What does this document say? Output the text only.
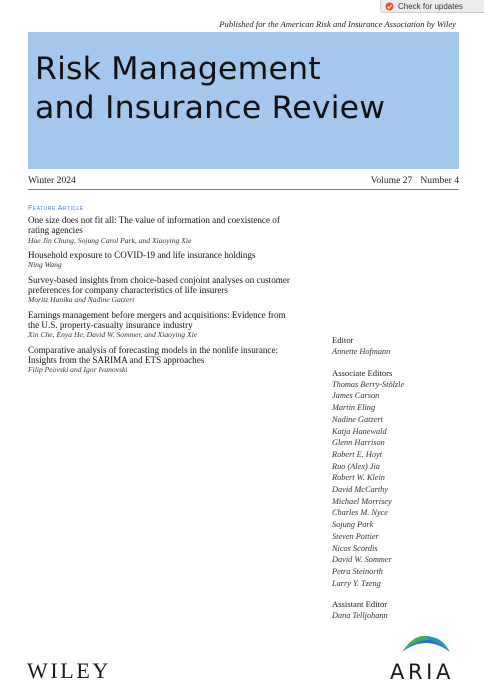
Check for updates
Published for the American Risk and Insurance Association by Wiley
Risk Management
and Insurance Review
Winter 2024	Volume 27 Number 4
Feature Article
One size does not fit all: The value of information and coexistence of rating agencies
Hae Jin Chung, Sojung Carol Park, and Xiaoying Xie
Household exposure to COVID-19 and life insurance holdings
Ning Wang
Survey-based insights from choice-based conjoint analyses on customer preferences for company characteristics of life insurers
Moritz Hanika and Nadine Gatzert
Earnings management before mergers and acquisitions: Evidence from the U.S. property-casualty insurance industry
Xin Che, Enya He, David W. Sommer, and Xiaoying Xie
Comparative analysis of forecasting models in the nonlife insurance: Insights from the SARIMA and ETS approaches
Filip Peovski and Igor Ivanovski
Editor
Annette Hofmann
Associate Editors
Thomas Berry-Stölzle
James Carson
Martin Eling
Nadine Gatzert
Katja Hanewald
Glenn Harrison
Robert E. Hoyt
Ruo (Alex) Jia
Robert W. Klein
David McCarthy
Michael Morrisey
Charles M. Nyce
Sojung Park
Steven Pottier
Nicos Scordis
David W. Sommer
Petra Steinorth
Larry Y. Tzeng
Assistant Editor
Dana Telljohann
WILEY	ARIA
